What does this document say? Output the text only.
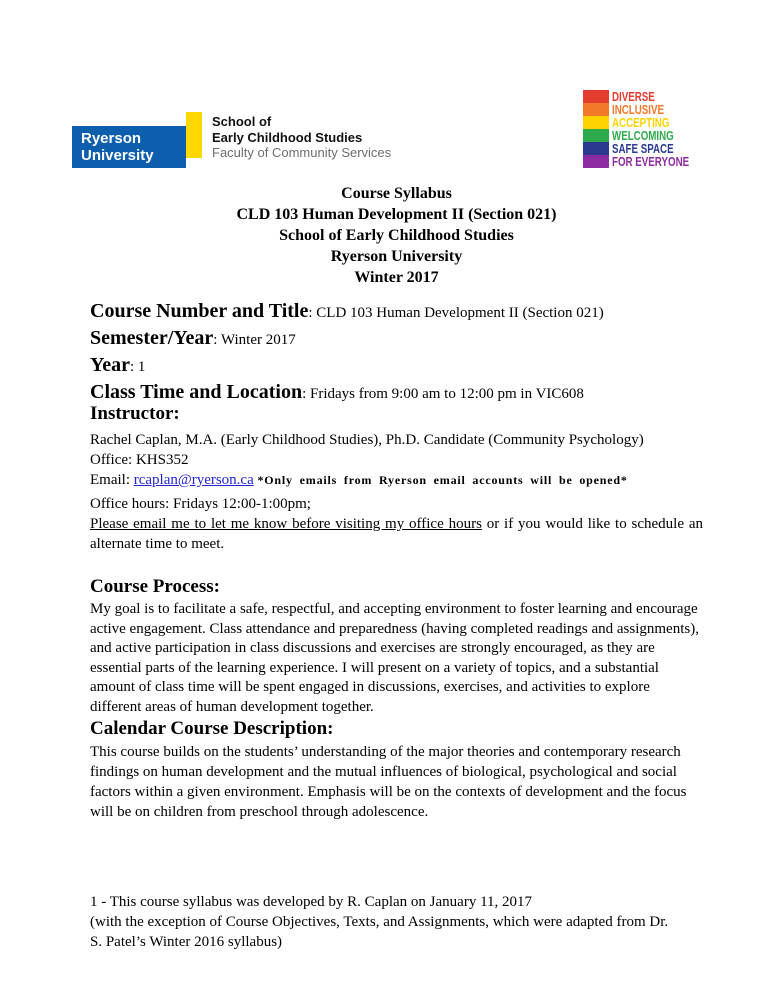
Ryerson
University
School of
Early Childhood Studies
Faculty of Community Services
DIVERSE
INCLUSIVE
ACCEPTING
WELCOMING
SAFE SPACE
FOR EVERYONE
Course Syllabus
CLD 103 Human Development II (Section 021)
School of Early Childhood Studies
Ryerson University
Winter 2017
Course Number and Title: CLD 103 Human Development II (Section 021)
Semester/Year: Winter 2017
Year: 1
Class Time and Location: Fridays from 9:00 am to 12:00 pm in VIC608
Instructor:

Rachel Caplan, M.A. (Early Childhood Studies), Ph.D. Candidate (Community Psychology)

Office: KHS352

Email: rcaplan@ryerson.ca *Only emails from Ryerson email accounts will be opened*

Office hours: Fridays 12:00-1:00pm;
Please email me to let me know before visiting my office hours or if you would like to schedule an alternate time to meet.

Course Process:

My goal is to facilitate a safe, respectful, and accepting environment to foster learning and encourage active engagement. Class attendance and preparedness (having completed readings and assignments), and active participation in class discussions and exercises are strongly encouraged, as they are essential parts of the learning experience. I will present on a variety of topics, and a substantial amount of class time will be spent engaged in discussions, exercises, and activities to explore different areas of human development together.

Calendar Course Description:

This course builds on the students’ understanding of the major theories and contemporary research findings on human development and the mutual influences of biological, psychological and social factors within a given environment. Emphasis will be on the contexts of development and the focus will be on children from preschool through adolescence.

1 - This course syllabus was developed by R. Caplan on January 11, 2017
(with the exception of Course Objectives, Texts, and Assignments, which were adapted from Dr.
S. Patel’s Winter 2016 syllabus)
